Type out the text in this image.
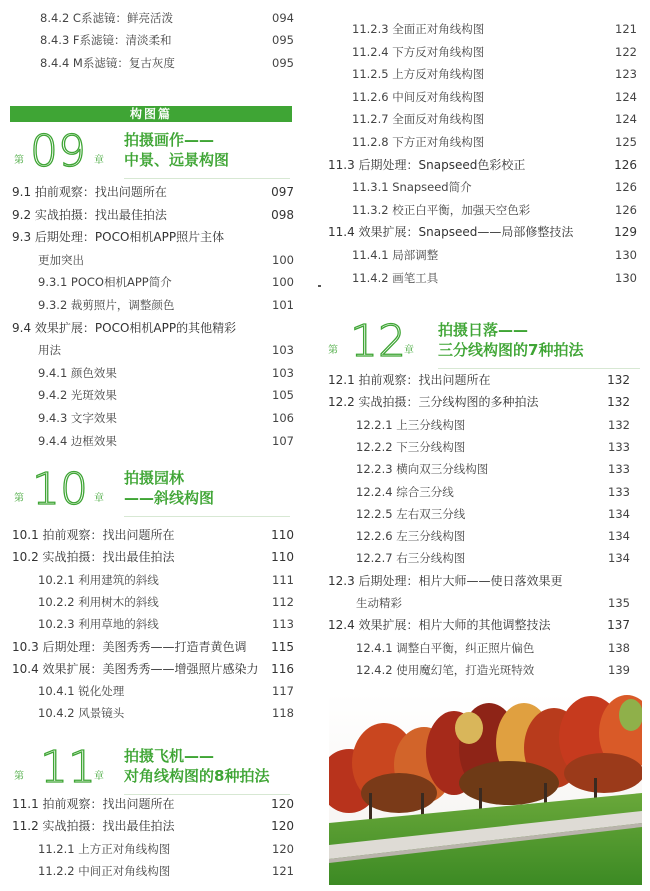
8.4.2 C系滤镜：鲜亮活泼	094
8.4.3 F系滤镜：清淡柔和	095
8.4.4 M系滤镜：复古灰度	095
第 09 章
拍摄画作——
中景、远景构图
9.1 拍前观察：找出问题所在	097
9.2 实战拍摄：找出最佳拍法	098
9.3 后期处理：POCO相机APP照片主体
更加突出	100
9.3.1 POCO相机APP简介	100
9.3.2 裁剪照片，调整颜色	101
9.4 效果扩展：POCO相机APP的其他精彩
用法	103
9.4.1 颜色效果	103
9.4.2 光斑效果	105
9.4.3 文字效果	106
9.4.4 边框效果	107
第 10 章
拍摄园林
——斜线构图
10.1 拍前观察：找出问题所在	110
10.2 实战拍摄：找出最佳拍法	110
10.2.1 利用建筑的斜线	111
10.2.2 利用树木的斜线	112
10.2.3 利用草地的斜线	113
10.3 后期处理：美图秀秀——打造青黄色调 115
10.4 效果扩展：美图秀秀——增强照片感染力 116
10.4.1 锐化处理	117
10.4.2 风景镜头	118
第 11
章
拍摄飞机——
对角线构图的8种拍法
11.1 拍前观察：找出问题所在	120
11.2 实战拍摄：找出最佳拍法	120
11.2.1 上方正对角线构图	120
11.2.2 中间正对角线构图	121
11.2.3 全面正对角线构图	121
11.2.4 下方反对角线构图	122
11.2.5 上方反对角线构图	123
11.2.6 中间反对角线构图	124
11.2.7 全面反对角线构图	124
11.2.8 下方正对角线构图	125
11.3 后期处理：Snapseed色彩校正	126
11.3.1 Snapseed简介	126
11.3.2 校正白平衡，加强天空色彩	126
11.4 效果扩展：Snapseed——局部修整技法	129
11.4.1 局部调整	130
11.4.2 画笔工具	130
第 12
章
拍摄日落——
三分线构图的7种拍法
12.1 拍前观察：找出问题所在	132
12.2 实战拍摄：三分线构图的多种拍法	132
12.2.1 上三分线构图	132
12.2.2 下三分线构图	133
12.2.3 横向双三分线构图	133
12.2.4 综合三分线	133
12.2.5 左右双三分线	134
12.2.6 左三分线构图	134
12.2.7 右三分线构图	134
12.3 后期处理：相片大师——使日落效果更
生动精彩	135
12.4 效果扩展：相片大师的其他调整技法	137
12.4.1 调整白平衡，纠正照片偏色	138
12.4.2 使用魔幻笔，打造光斑特效	139
构图篇
